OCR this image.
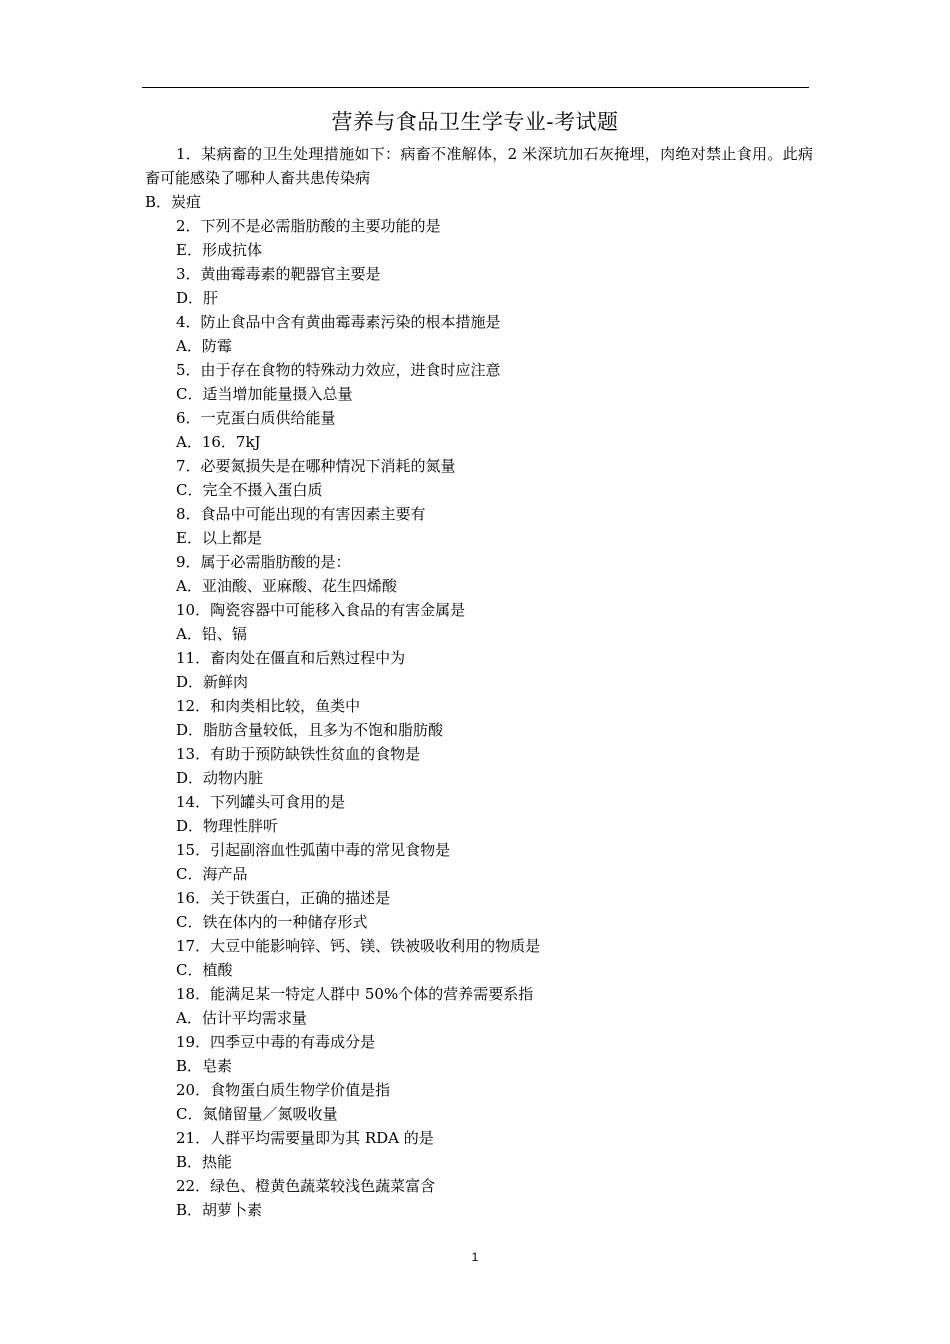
营养与食品卫生学专业-考试题

1．某病畜的卫生处理措施如下：病畜不准解体，2 米深坑加石灰掩埋，肉绝对禁止食用。此病畜可能感染了哪种人畜共患传染病

B．炭疽
2．下列不是必需脂肪酸的主要功能的是
E．形成抗体
3．黄曲霉毒素的靶器官主要是
D．肝
4．防止食品中含有黄曲霉毒素污染的根本措施是
A．防霉
5．由于存在食物的特殊动力效应，进食时应注意
C．适当增加能量摄入总量
6．一克蛋白质供给能量
A．16．7kJ
7．必要氮损失是在哪种情况下消耗的氮量
C．完全不摄入蛋白质
8．食品中可能出现的有害因素主要有
E．以上都是
9．属于必需脂肪酸的是：
A．亚油酸、亚麻酸、花生四烯酸
10．陶瓷容器中可能移入食品的有害金属是
A．铅、镉
11．畜肉处在僵直和后熟过程中为
D．新鲜肉
12．和肉类相比较，鱼类中
D．脂肪含量较低，且多为不饱和脂肪酸
13．有助于预防缺铁性贫血的食物是
D．动物内脏
14．下列罐头可食用的是
D．物理性胖听
15．引起副溶血性弧菌中毒的常见食物是
C．海产品
16．关于铁蛋白，正确的描述是
C．铁在体内的一种储存形式
17．大豆中能影响锌、钙、镁、铁被吸收利用的物质是
C．植酸
18．能满足某一特定人群中 50%个体的营养需要系指
A．估计平均需求量
19．四季豆中毒的有毒成分是
B．皂素
20．食物蛋白质生物学价值是指
C．氮储留量／氮吸收量
21．人群平均需要量即为其 RDA 的是
B．热能
22．绿色、橙黄色蔬菜较浅色蔬菜富含
B．胡萝卜素
1
